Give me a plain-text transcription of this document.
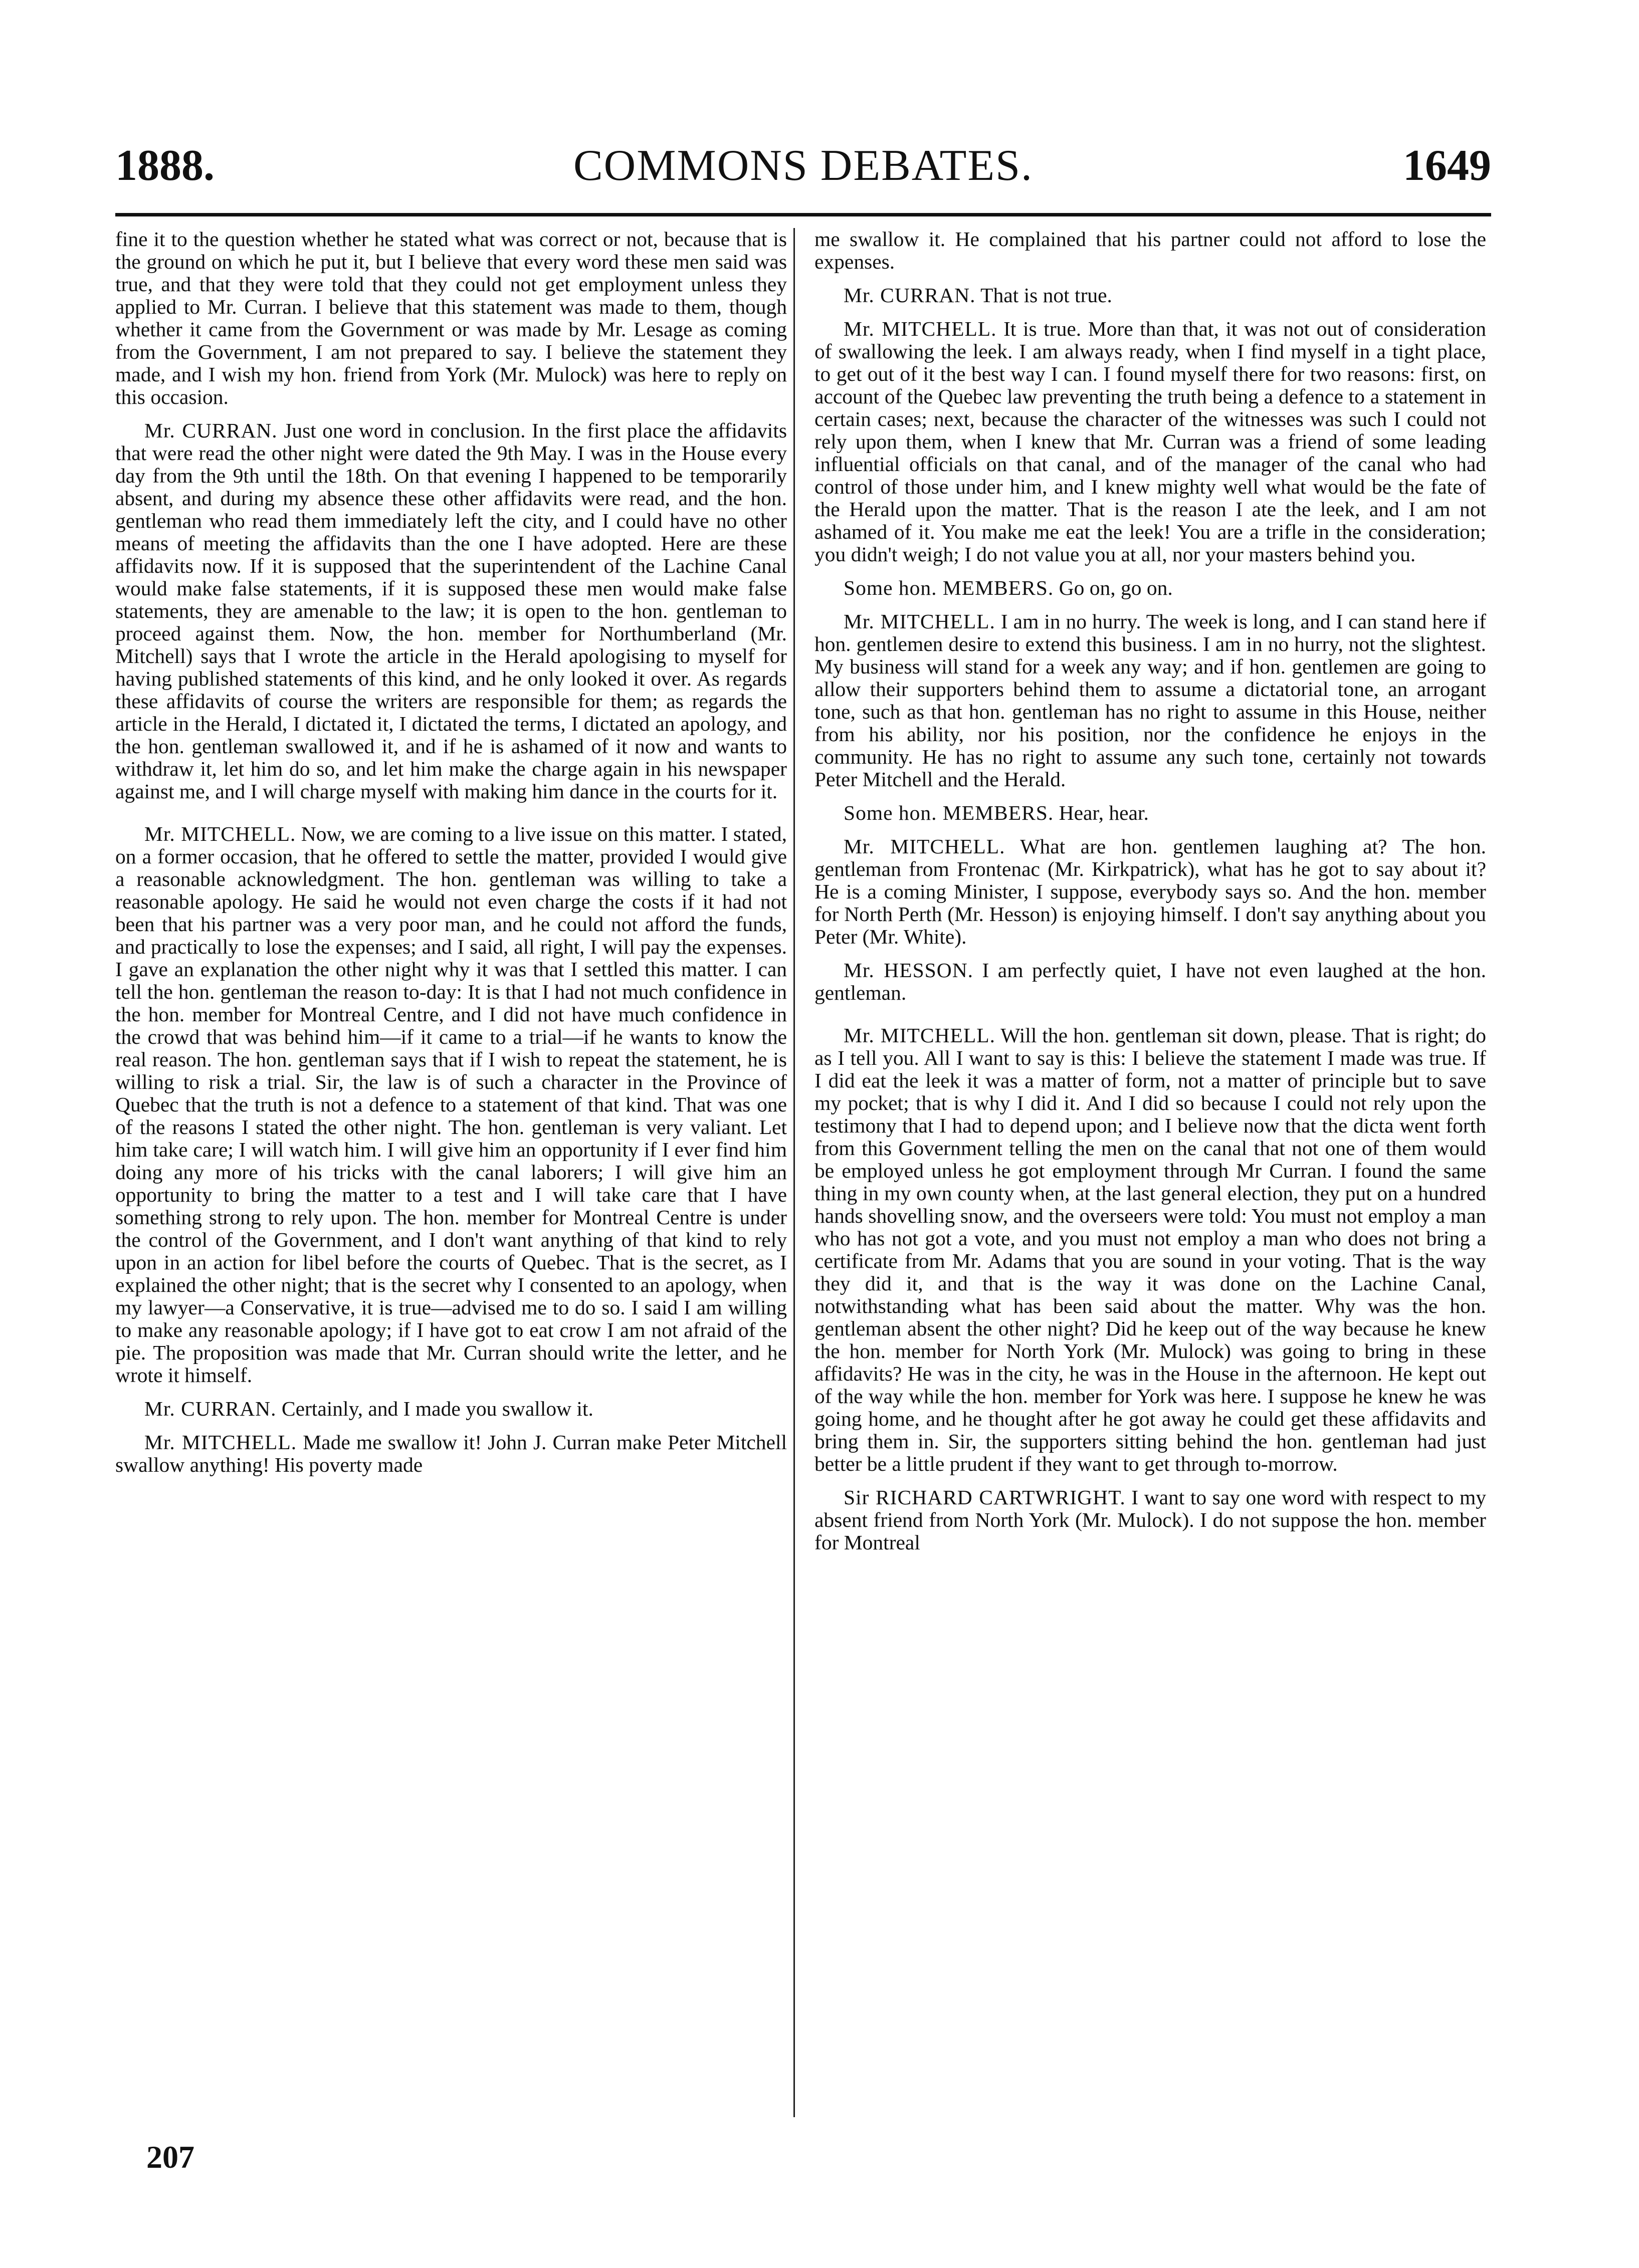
1888.	COMMONS DEBATES.	1649

fine it to the question whether he stated what was correct or not, because that is the ground on which he put it, but I believe that every word these men said was true, and that they were told that they could not get employment unless they applied to Mr. Curran. I believe that this statement was made to them, though whether it came from the Government or was made by Mr. Lesage as coming from the Government, I am not prepared to say. I believe the statement they made, and I wish my hon. friend from York (Mr. Mulock) was here to reply on this occasion.

Mr. CURRAN. Just one word in conclusion. In the first place the affidavits that were read the other night were dated the 9th May. I was in the House every day from the 9th until the 18th. On that evening I happened to be temporarily absent, and during my absence these other affidavits were read, and the hon. gentleman who read them immediately left the city, and I could have no other means of meeting the affidavits than the one I have adopted. Here are these affidavits now. If it is supposed that the superintendent of the Lachine Canal would make false statements, if it is supposed these men would make false statements, they are amenable to the law; it is open to the hon. gentleman to proceed against them. Now, the hon. member for Northumberland (Mr. Mitchell) says that I wrote the article in the Herald apologising to myself for having published statements of this kind, and he only looked it over. As regards these affidavits of course the writers are responsible for them; as regards the article in the Herald, I dictated it, I dictated the terms, I dictated an apology, and the hon. gentleman swallowed it, and if he is ashamed of it now and wants to withdraw it, let him do so, and let him make the charge again in his newspaper against me, and I will charge myself with making him dance in the courts for it.

Mr. MITCHELL. Now, we are coming to a live issue on this matter. I stated, on a former occasion, that he offered to settle the matter, provided I would give a reasonable acknowledgment. The hon. gentleman was willing to take a reasonable apology. He said he would not even charge the costs if it had not been that his partner was a very poor man, and he could not afford the funds, and practically to lose the expenses; and I said, all right, I will pay the expenses. I gave an explanation the other night why it was that I settled this matter. I can tell the hon. gentleman the reason to-day: It is that I had not much confidence in the hon. member for Montreal Centre, and I did not have much confidence in the crowd that was behind him—if it came to a trial—if he wants to know the real reason. The hon. gentleman says that if I wish to repeat the statement, he is willing to risk a trial. Sir, the law is of such a character in the Province of Quebec that the truth is not a defence to a statement of that kind. That was one of the reasons I stated the other night. The hon. gentleman is very valiant. Let him take care; I will watch him. I will give him an opportunity if I ever find him doing any more of his tricks with the canal laborers; I will give him an opportunity to bring the matter to a test and I will take care that I have something strong to rely upon. The hon. member for Montreal Centre is under the control of the Government, and I don't want anything of that kind to rely upon in an action for libel before the courts of Quebec. That is the secret, as I explained the other night; that is the secret why I consented to an apology, when my lawyer—a Conservative, it is true—advised me to do so. I said I am willing to make any reasonable apology; if I have got to eat crow I am not afraid of the pie. The proposition was made that Mr. Curran should write the letter, and he wrote it himself.

Mr. CURRAN. Certainly, and I made you swallow it.

Mr. MITCHELL. Made me swallow it! John J. Curran make Peter Mitchell swallow anything! His poverty made

me swallow it. He complained that his partner could not afford to lose the expenses.

Mr. CURRAN. That is not true.

Mr. MITCHELL. It is true. More than that, it was not out of consideration of swallowing the leek. I am always ready, when I find myself in a tight place, to get out of it the best way I can. I found myself there for two reasons: first, on account of the Quebec law preventing the truth being a defence to a statement in certain cases; next, because the character of the witnesses was such I could not rely upon them, when I knew that Mr. Curran was a friend of some leading influential officials on that canal, and of the manager of the canal who had control of those under him, and I knew mighty well what would be the fate of the Herald upon the matter. That is the reason I ate the leek, and I am not ashamed of it. You make me eat the leek! You are a trifle in the consideration; you didn't weigh; I do not value you at all, nor your masters behind you.

Some hon. MEMBERS. Go on, go on.

Mr. MITCHELL. I am in no hurry. The week is long, and I can stand here if hon. gentlemen desire to extend this business. I am in no hurry, not the slightest. My business will stand for a week any way; and if hon. gentlemen are going to allow their supporters behind them to assume a dictatorial tone, an arrogant tone, such as that hon. gentleman has no right to assume in this House, neither from his ability, nor his position, nor the confidence he enjoys in the community. He has no right to assume any such tone, certainly not towards Peter Mitchell and the Herald.

Some hon. MEMBERS. Hear, hear.

Mr. MITCHELL. What are hon. gentlemen laughing at? The hon. gentleman from Frontenac (Mr. Kirkpatrick), what has he got to say about it? He is a coming Minister, I suppose, everybody says so. And the hon. member for North Perth (Mr. Hesson) is enjoying himself. I don't say anything about you Peter (Mr. White).

Mr. HESSON. I am perfectly quiet, I have not even laughed at the hon. gentleman.

Mr. MITCHELL. Will the hon. gentleman sit down, please. That is right; do as I tell you. All I want to say is this: I believe the statement I made was true. If I did eat the leek it was a matter of form, not a matter of principle but to save my pocket; that is why I did it. And I did so because I could not rely upon the testimony that I had to depend upon; and I believe now that the dicta went forth from this Government telling the men on the canal that not one of them would be employed unless he got employment through Mr Curran. I found the same thing in my own county when, at the last general election, they put on a hundred hands shovelling snow, and the overseers were told: You must not employ a man who has not got a vote, and you must not employ a man who does not bring a certificate from Mr. Adams that you are sound in your voting. That is the way they did it, and that is the way it was done on the Lachine Canal, notwithstanding what has been said about the matter. Why was the hon. gentleman absent the other night? Did he keep out of the way because he knew the hon. member for North York (Mr. Mulock) was going to bring in these affidavits? He was in the city, he was in the House in the afternoon. He kept out of the way while the hon. member for York was here. I suppose he knew he was going home, and he thought after he got away he could get these affidavits and bring them in. Sir, the supporters sitting behind the hon. gentleman had just better be a little prudent if they want to get through to-morrow.

Sir RICHARD CARTWRIGHT. I want to say one word with respect to my absent friend from North York (Mr. Mulock). I do not suppose the hon. member for Montreal

207
